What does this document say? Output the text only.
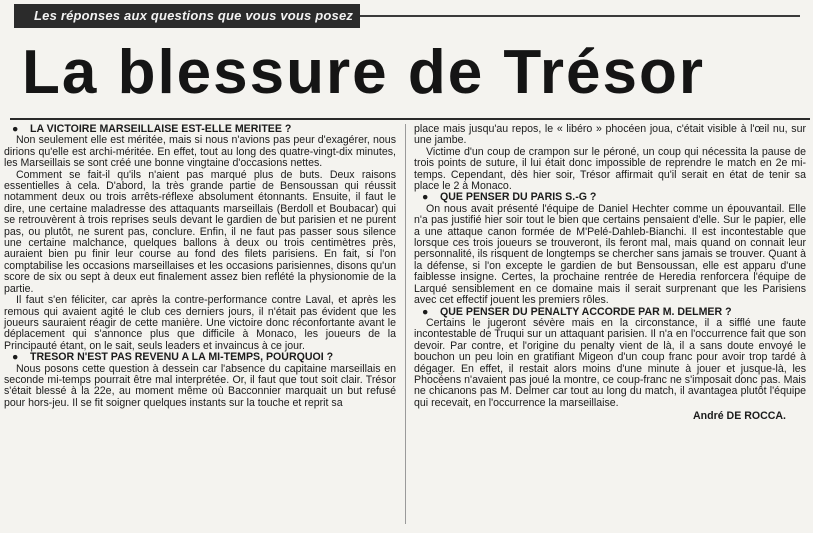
Les réponses aux questions que vous vous posez
La blessure de Trésor
● LA VICTOIRE MARSEILLAISE EST-ELLE MERITEE ?

Non seulement elle est méritée, mais si nous n'avions pas peur d'exagérer, nous dirions qu'elle est archi-méritée. En effet, tout au long des quatre-vingt-dix minutes, les Marseillais se sont créé une bonne vingtaine d'occasions nettes.

Comment se fait-il qu'ils n'aient pas marqué plus de buts. Deux raisons essentielles à cela. D'abord, la très grande partie de Bensoussan qui réussit notamment deux ou trois arrêts-réflexe absolument étonnants. Ensuite, il faut le dire, une certaine maladresse des attaquants marseillais (Berdoll et Boubacar) qui se retrouvèrent à trois reprises seuls devant le gardien de but parisien et ne purent pas, ou plutôt, ne surent pas, conclure. Enfin, il ne faut pas passer sous silence une certaine malchance, quelques ballons à deux ou trois centimètres près, auraient bien pu finir leur course au fond des filets parisiens. En fait, si l'on comptabilise les occasions marseillaises et les occasions parisiennes, disons qu'un score de six ou sept à deux eut finalement assez bien reflété la physionomie de la partie.

Il faut s'en féliciter, car après la contre-performance contre Laval, et après les remous qui avaient agité le club ces derniers jours, il n'était pas évident que les joueurs sauraient réagir de cette manière. Une victoire donc réconfortante avant le déplacement qui s'annonce plus que difficile à Monaco, les joueurs de la Principauté étant, on le sait, seuls leaders et invaincus à ce jour.

● TRESOR N'EST PAS REVENU A LA MI-TEMPS, POURQUOI ?

Nous posons cette question à dessein car l'absence du capitaine marseillais en seconde mi-temps pourrait être mal interprétée. Or, il faut que tout soit clair. Trésor s'était blessé à la 22e, au moment même où Bacconnier marquait un but refusé pour hors-jeu. Il se fit soigner quelques instants sur la touche et reprit sa

place mais jusqu'au repos, le « libéro » phocéen joua, c'était visible à l'œil nu, sur une jambe.

Victime d'un coup de crampon sur le péroné, un coup qui nécessita la pause de trois points de suture, il lui était donc impossible de reprendre le match en 2e mi-temps. Cependant, dès hier soir, Trésor affirmait qu'il serait en état de tenir sa place le 2 à Monaco.

● QUE PENSER DU PARIS S.-G ?

On nous avait présenté l'équipe de Daniel Hechter comme un épouvantail. Elle n'a pas justifié hier soir tout le bien que certains pensaient d'elle. Sur le papier, elle a une attaque canon formée de M'Pelé-Dahleb-Bianchi. Il est incontestable que lorsque ces trois joueurs se trouveront, ils feront mal, mais quand on connait leur personnalité, ils risquent de longtemps se chercher sans jamais se trouver. Quant à la défense, si l'on excepte le gardien de but Bensoussan, elle est apparu d'une faiblesse insigne. Certes, la prochaine rentrée de Heredia renforcera l'équipe de Larqué sensiblement en ce domaine mais il serait surprenant que les Parisiens avec cet effectif jouent les premiers rôles.

● QUE PENSER DU PENALTY ACCORDE PAR M. DELMER ?

Certains le jugeront sévère mais en la circonstance, il a sifflé une faute incontestable de Truqui sur un attaquant parisien. Il n'a en l'occurrence fait que son devoir. Par contre, et l'origine du penalty vient de là, il a sans doute envoyé le bouchon un peu loin en gratifiant Migeon d'un coup franc pour avoir trop tardé à dégager. En effet, il restait alors moins d'une minute à jouer et jusque-là, les Phocéens n'avaient pas joué la montre, ce coup-franc ne s'imposait donc pas. Mais ne chicanons pas M. Delmer car tout au long du match, il avantagea plutôt l'équipe qui recevait, en l'occurrence la marseillaise.

André DE ROCCA.
